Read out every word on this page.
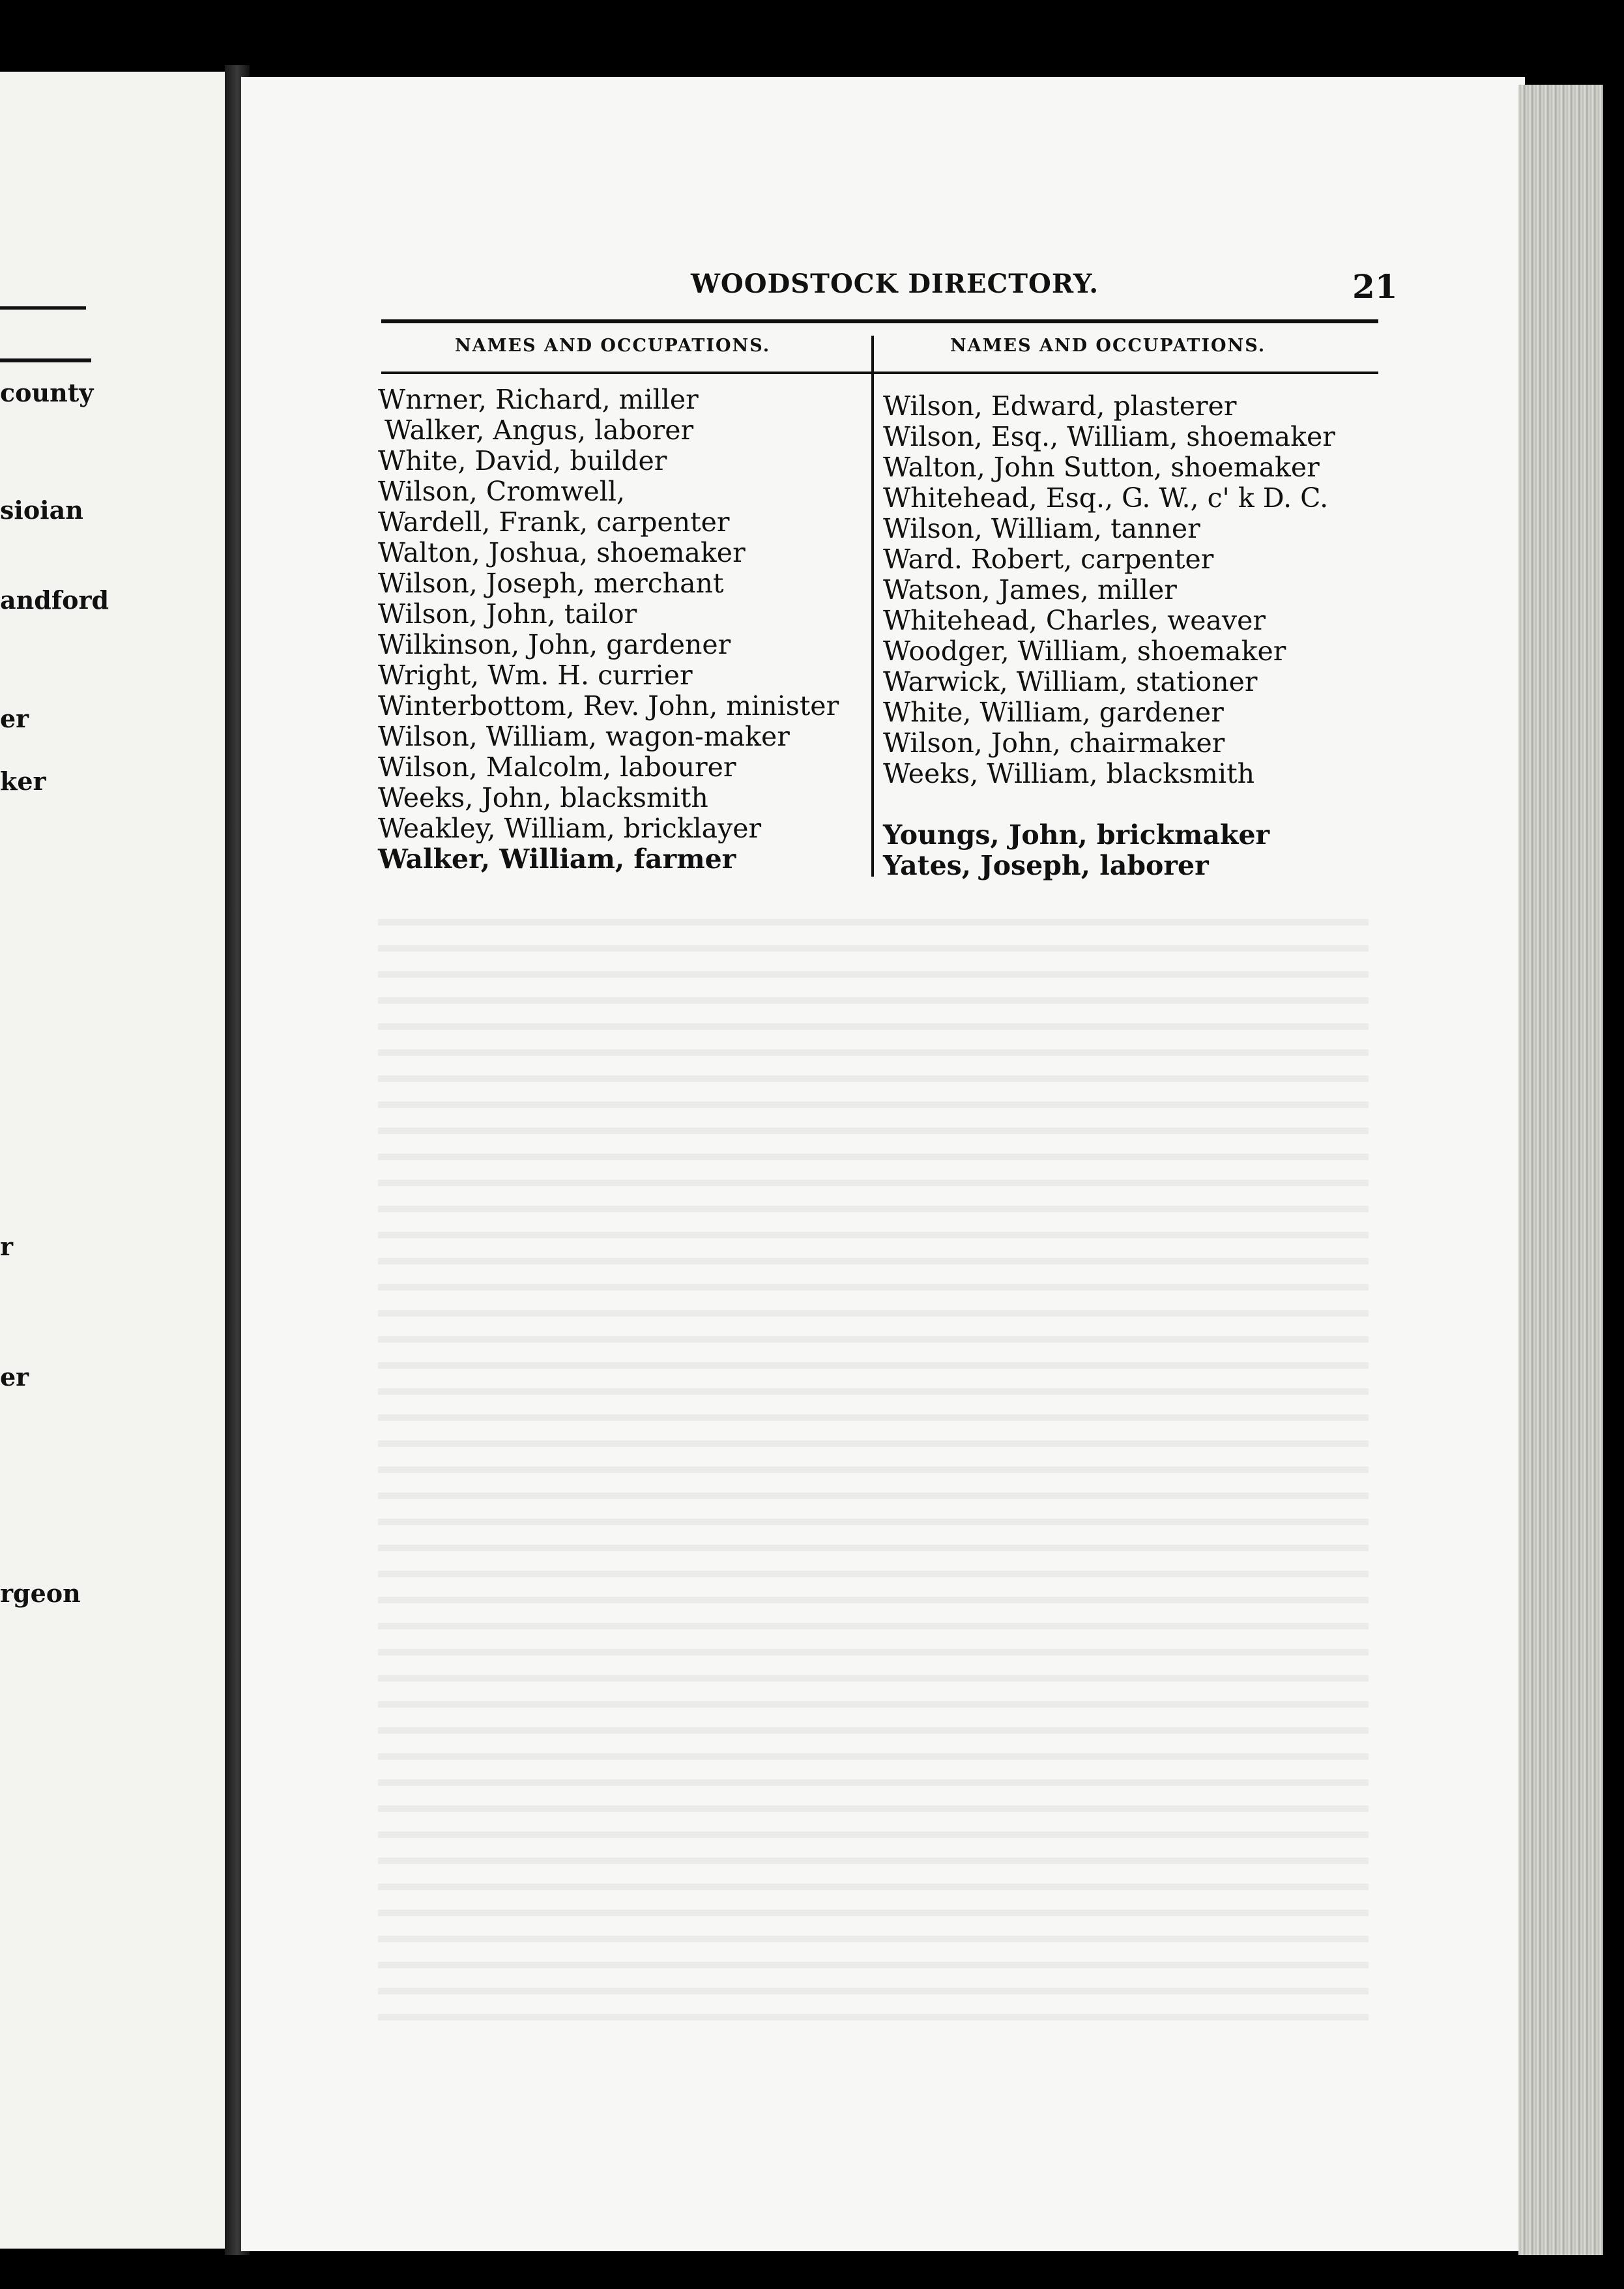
county
sioian
andford
er
ker
r
er
rgeon
WOODSTOCK DIRECTORY.	21
NAMES AND OCCUPATIONS.	NAMES AND OCCUPATIONS.
Wnrner, Richard, miller
Walker, Angus, laborer
White, David, builder
Wilson, Cromwell,
Wardell, Frank, carpenter
Walton, Joshua, shoemaker
Wilson, Joseph, merchant
Wilson, John, tailor
Wilkinson, John, gardener
Wright, Wm. H. currier
Winterbottom, Rev. John, minister
Wilson, William, wagon-maker
Wilson, Malcolm, labourer
Weeks, John, blacksmith
Weakley, William, bricklayer
Walker, William, farmer
Wilson, Edward, plasterer
Wilson, Esq., William, shoemaker
Walton, John Sutton, shoemaker
Whitehead, Esq., G. W., c' k D. C.
Wilson, William, tanner
Ward. Robert, carpenter
Watson, James, miller
Whitehead, Charles, weaver
Woodger, William, shoemaker
Warwick, William, stationer
White, William, gardener
Wilson, John, chairmaker
Weeks, William, blacksmith
Youngs, John, brickmaker
Yates, Joseph, laborer
